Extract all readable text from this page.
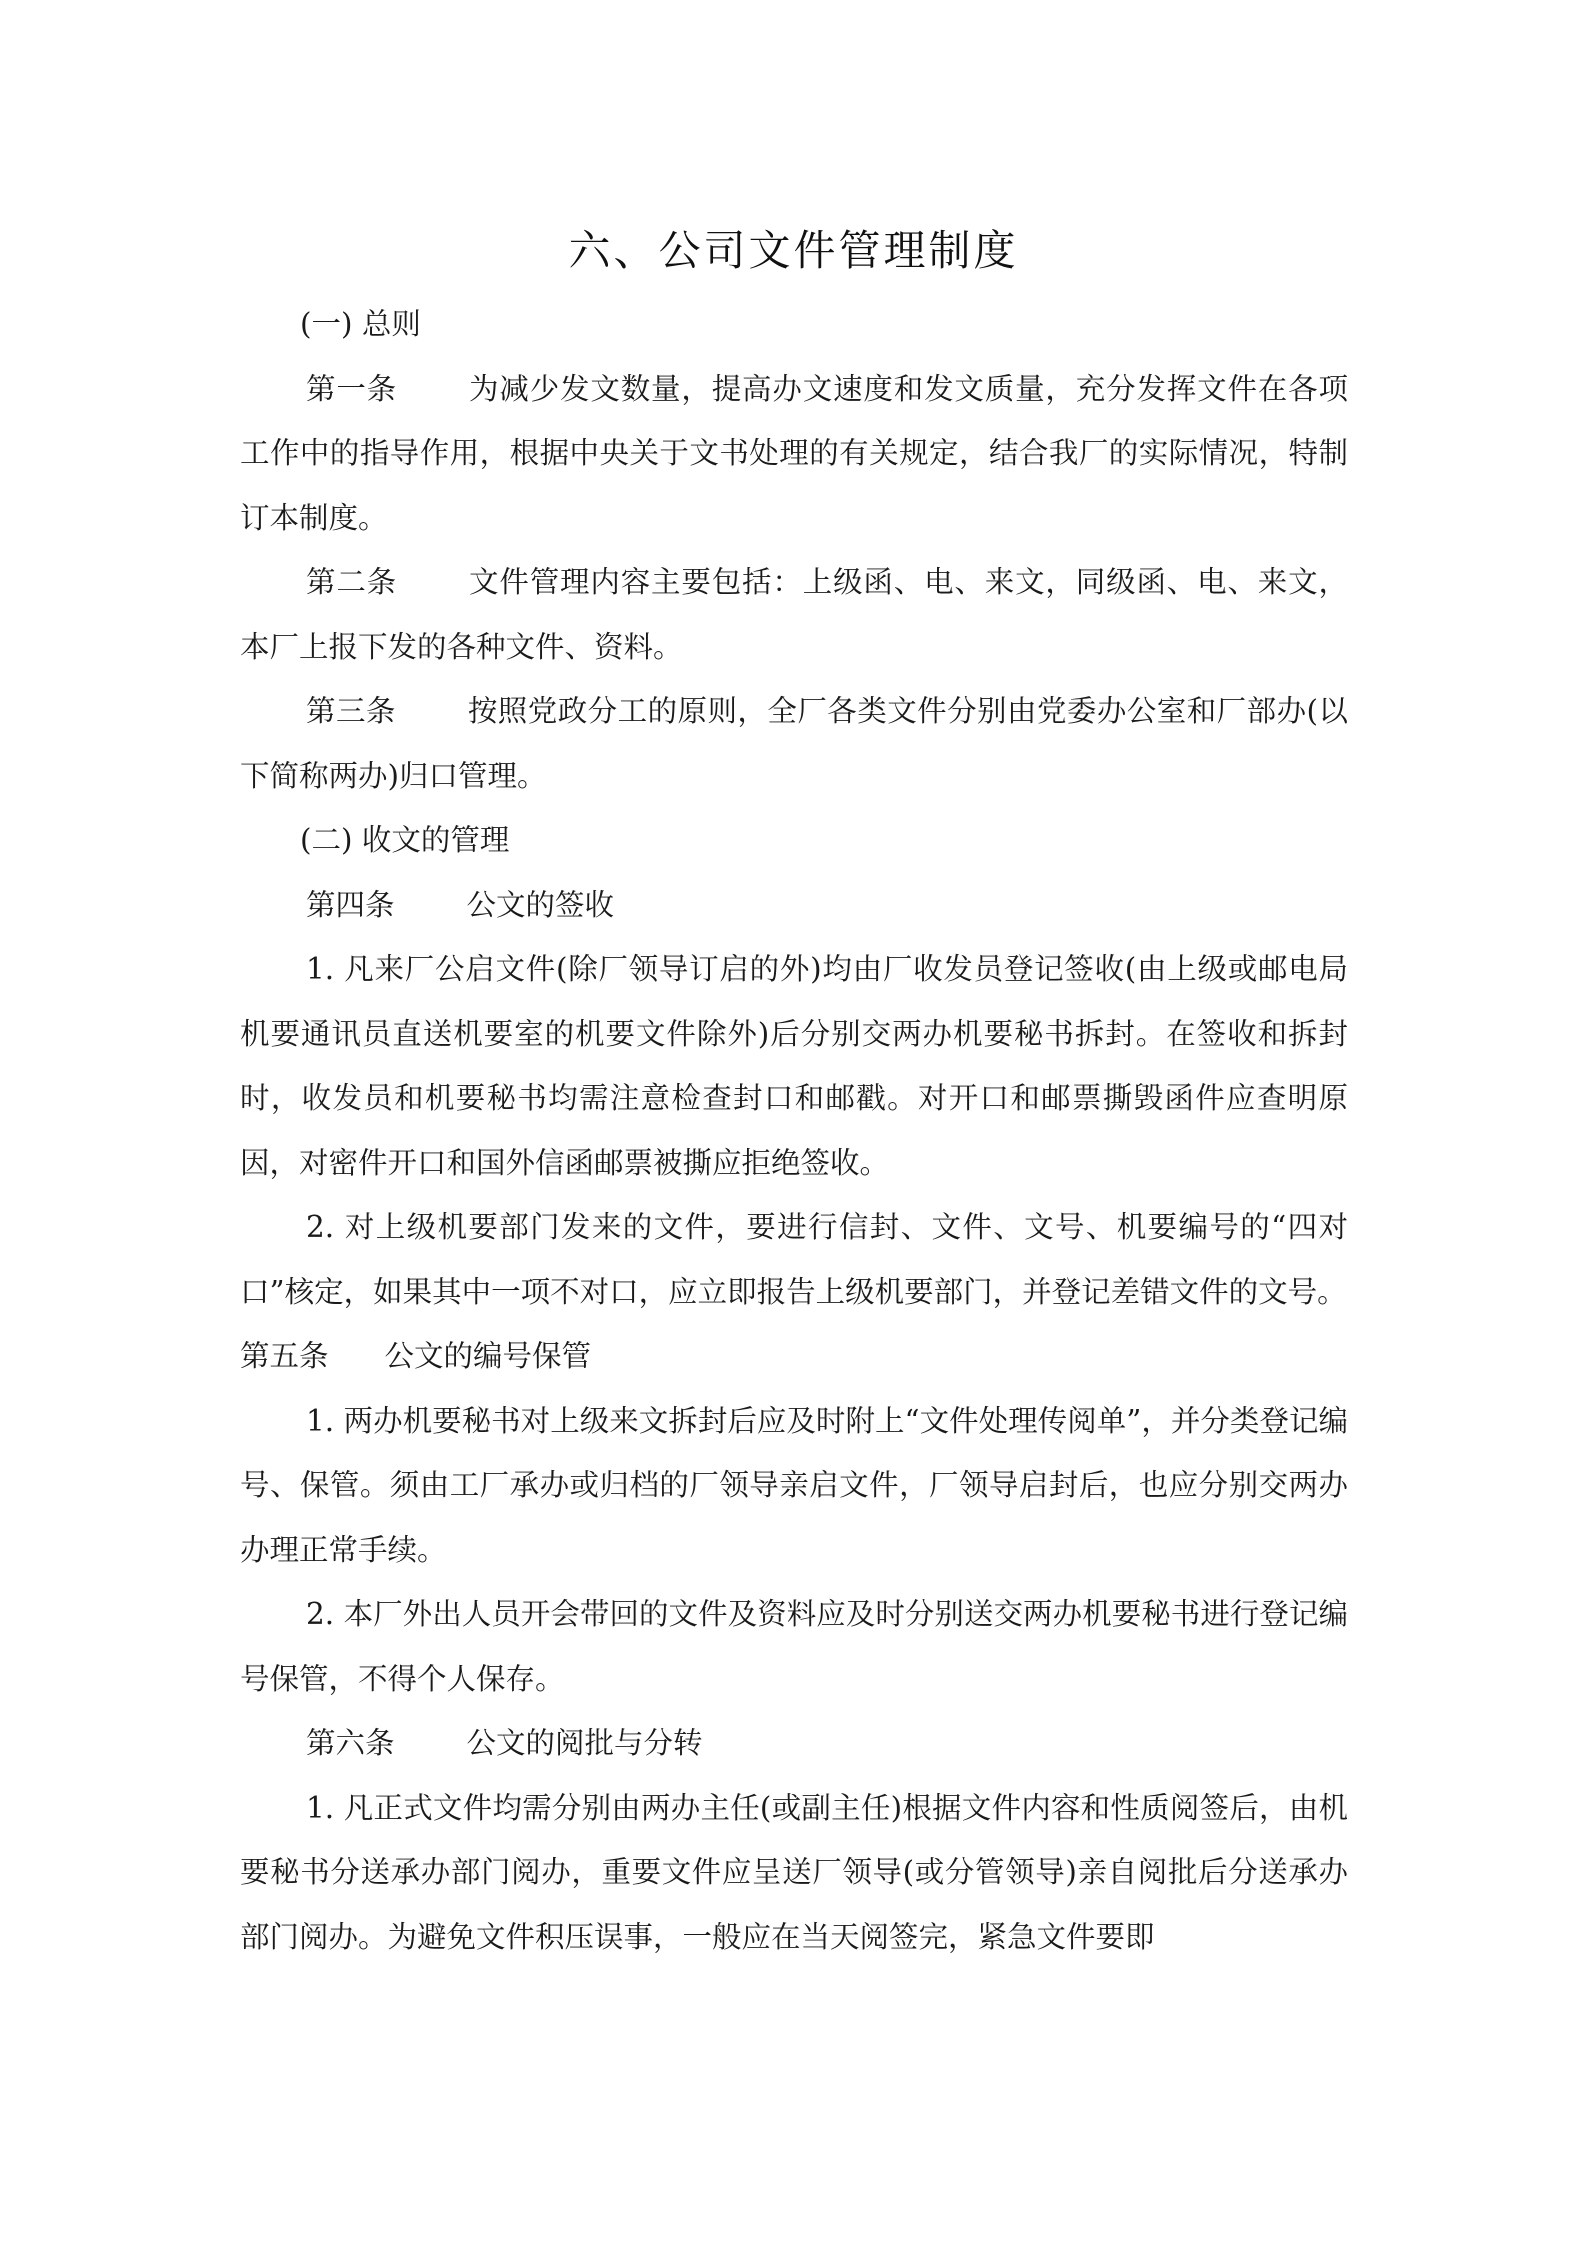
六、公司文件管理制度

(一) 总则

第一条 为减少发文数量，提高办文速度和发文质量，充分发挥文件在各项工作中的指导作用，根据中央关于文书处理的有关规定，结合我厂的实际情况，特制订本制度。

第二条 文件管理内容主要包括：上级函、电、来文，同级函、电、来文，本厂上报下发的各种文件、资料。

第三条 按照党政分工的原则，全厂各类文件分别由党委办公室和厂部办(以下简称两办)归口管理。

(二) 收文的管理

第四条 公文的签收

1. 凡来厂公启文件(除厂领导订启的外)均由厂收发员登记签收(由上级或邮电局机要通讯员直送机要室的机要文件除外)后分别交两办机要秘书拆封。在签收和拆封时，收发员和机要秘书均需注意检查封口和邮戳。对开口和邮票撕毁函件应查明原因，对密件开口和国外信函邮票被撕应拒绝签收。

2. 对上级机要部门发来的文件，要进行信封、文件、文号、机要编号的“四对口”核定，如果其中一项不对口，应立即报告上级机要部门，并登记差错文件的文号。

第五条 公文的编号保管

1. 两办机要秘书对上级来文拆封后应及时附上“文件处理传阅单”，并分类登记编号、保管。须由工厂承办或归档的厂领导亲启文件，厂领导启封后，也应分别交两办办理正常手续。

2. 本厂外出人员开会带回的文件及资料应及时分别送交两办机要秘书进行登记编号保管，不得个人保存。

第六条 公文的阅批与分转

1. 凡正式文件均需分别由两办主任(或副主任)根据文件内容和性质阅签后，由机要秘书分送承办部门阅办，重要文件应呈送厂领导(或分管领导)亲自阅批后分送承办部门阅办。为避免文件积压误事，一般应在当天阅签完，紧急文件要即
